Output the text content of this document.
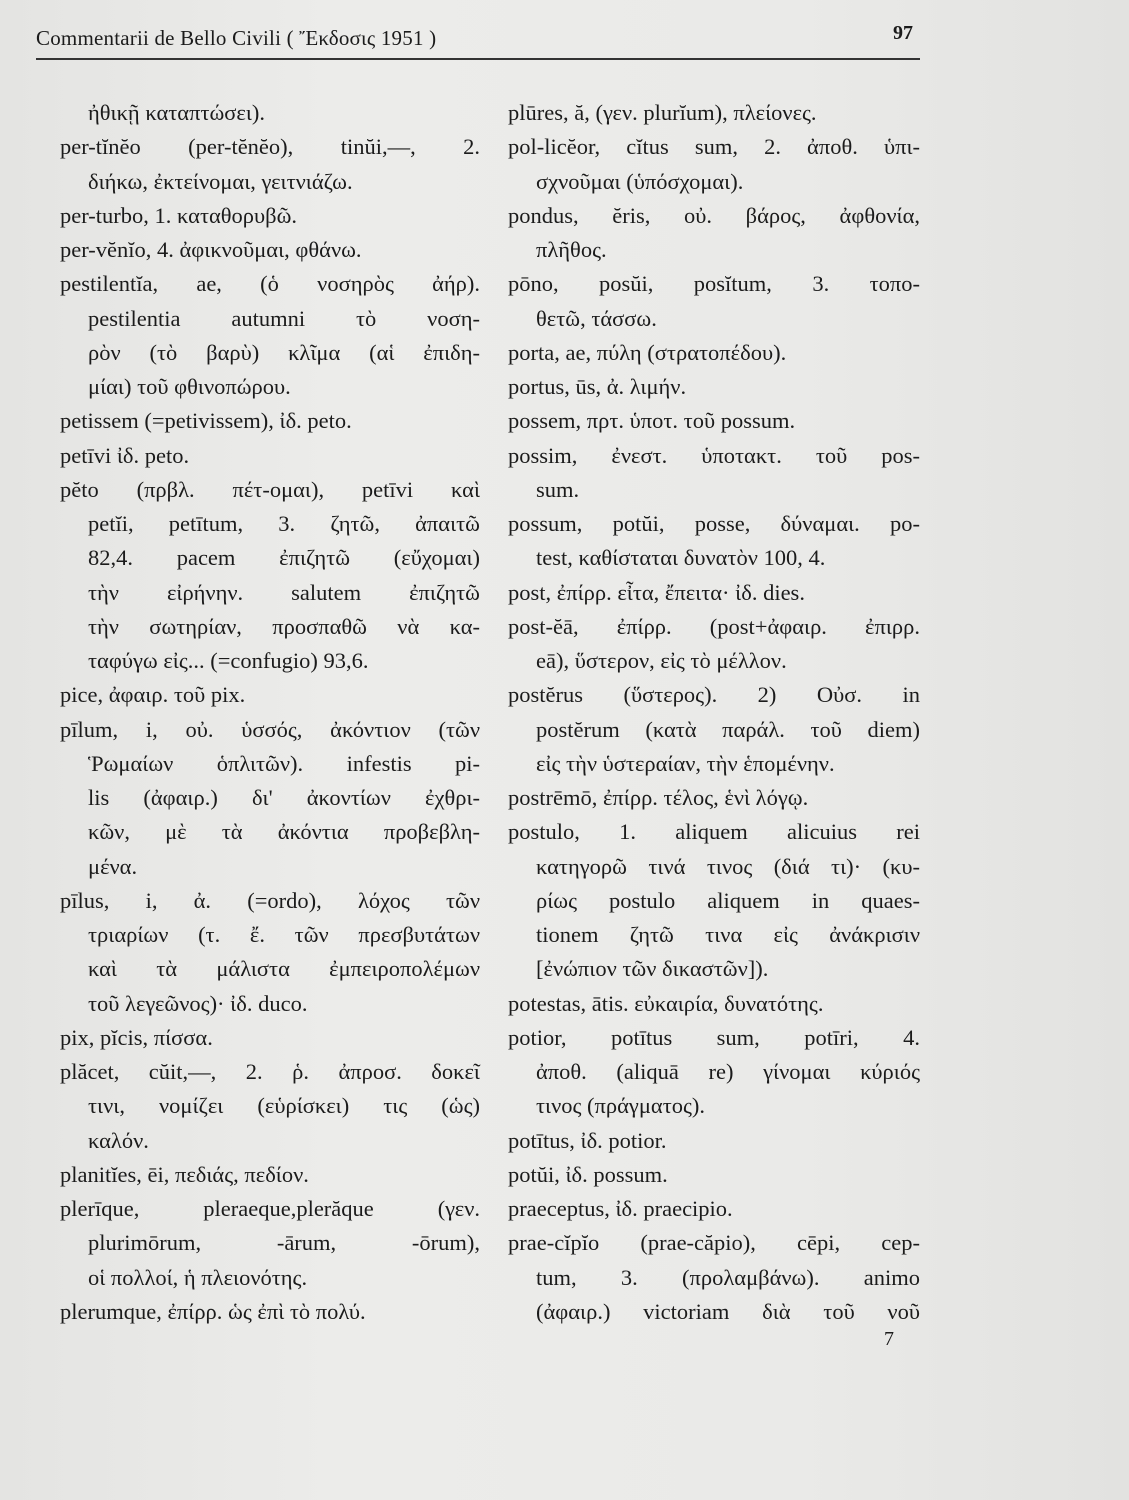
Commentarii de Bello Civili ( Ἔκδοσις 1951 )	97
ἠθικῇ καταπτώσει).
per-tĭnĕo (per-tĕnĕo), tinŭi,—, 2.
διήκω, ἐκτείνομαι, γειτνιάζω.
per-turbo, 1. καταθορυβῶ.
per-vĕnĭo, 4. ἀφικνοῦμαι, φθάνω.
pestilentĭa, ae, (ὁ νοσηρὸς ἀήρ).
pestilentia autumni τὸ νοση-
ρὸν (τὸ βαρὺ) κλῖμα (αἱ ἐπιδη-
μίαι) τοῦ φθινοπώρου.
petissem (=petivissem), ἰδ. peto.
petīvi ἰδ. peto.
pĕto (πρβλ. πέτ-ομαι), petīvi καὶ
petĭi, petītum, 3. ζητῶ, ἀπαιτῶ
82,4. pacem ἐπιζητῶ (εὔχομαι)
τὴν εἰρήνην. salutem ἐπιζητῶ
τὴν σωτηρίαν, προσπαθῶ νὰ κα-
ταφύγω εἰς... (=confugio) 93,6.
pice, ἀφαιρ. τοῦ pix.
pīlum, i, οὐ. ὑσσός, ἀκόντιον (τῶν
Ῥωμαίων ὁπλιτῶν). infestis pi-
lis (ἀφαιρ.) δι' ἀκοντίων ἐχθρι-
κῶν, μὲ τὰ ἀκόντια προβεβλη-
μένα.
pīlus, i, ἀ. (=ordo), λόχος τῶν
τριαρίων (τ. ἔ. τῶν πρεσβυτάτων
καὶ τὰ μάλιστα ἐμπειροπολέμων
τοῦ λεγεῶνος)· ἰδ. duco.
pix, pĭcis, πίσσα.
plăcet, cŭit,—, 2. ῥ. ἀπροσ. δοκεῖ
τινι, νομίζει (εὑρίσκει) τις (ὡς)
καλόν.
planitĭes, ēi, πεδιάς, πεδίον.
plerīque, pleraeque,plerăque (γεν.
plurimōrum, -ārum, -ōrum),
οἱ πολλοί, ἡ πλειονότης.
plerumque, ἐπίρρ. ὡς ἐπὶ τὸ πολύ.
plūres, ă, (γεν. plurĭum), πλείονες.
pol-licĕor, cĭtus sum, 2. ἀποθ. ὑπι-
σχνοῦμαι (ὑπόσχομαι).
pondus, ĕris, οὐ. βάρος, ἀφθονία,
πλῆθος.
pōno, posŭi, posĭtum, 3. τοπο-
θετῶ, τάσσω.
porta, ae, πύλη (στρατοπέδου).
portus, ūs, ἀ. λιμήν.
possem, πρτ. ὑποτ. τοῦ possum.
possim, ἐνεστ. ὑποτακτ. τοῦ pos-
sum.
possum, potŭi, posse, δύναμαι. po-
test, καθίσταται δυνατὸν 100, 4.
post, ἐπίρρ. εἶτα, ἔπειτα· ἰδ. dies.
post-ĕā, ἐπίρρ. (post+ἀφαιρ. ἐπιρρ.
eā), ὕστερον, εἰς τὸ μέλλον.
postĕrus (ὕστερος). 2) Οὐσ. in
postĕrum (κατὰ παράλ. τοῦ diem)
εἰς τὴν ὑστεραίαν, τὴν ἑπομένην.
postrēmō, ἐπίρρ. τέλος, ἑνὶ λόγῳ.
postulo, 1. aliquem alicuius rei
κατηγορῶ τινά τινος (διά τι)· (κυ-
ρίως postulo aliquem in quaes-
tionem ζητῶ τινα εἰς ἀνάκρισιν
[ἐνώπιον τῶν δικαστῶν]).
potestas, ātis. εὐκαιρία, δυνατότης.
potior, potītus sum, potīri, 4.
ἀποθ. (aliquā re) γίνομαι κύριός
τινος (πράγματος).
potītus, ἰδ. potior.
potŭi, ἰδ. possum.
praeceptus, ἰδ. praecipio.
prae-cĭpĭo (prae-căpio), cēpi, cep-
tum, 3. (προλαμβάνω). animo
(ἀφαιρ.) victoriam διὰ τοῦ νοῦ
7
